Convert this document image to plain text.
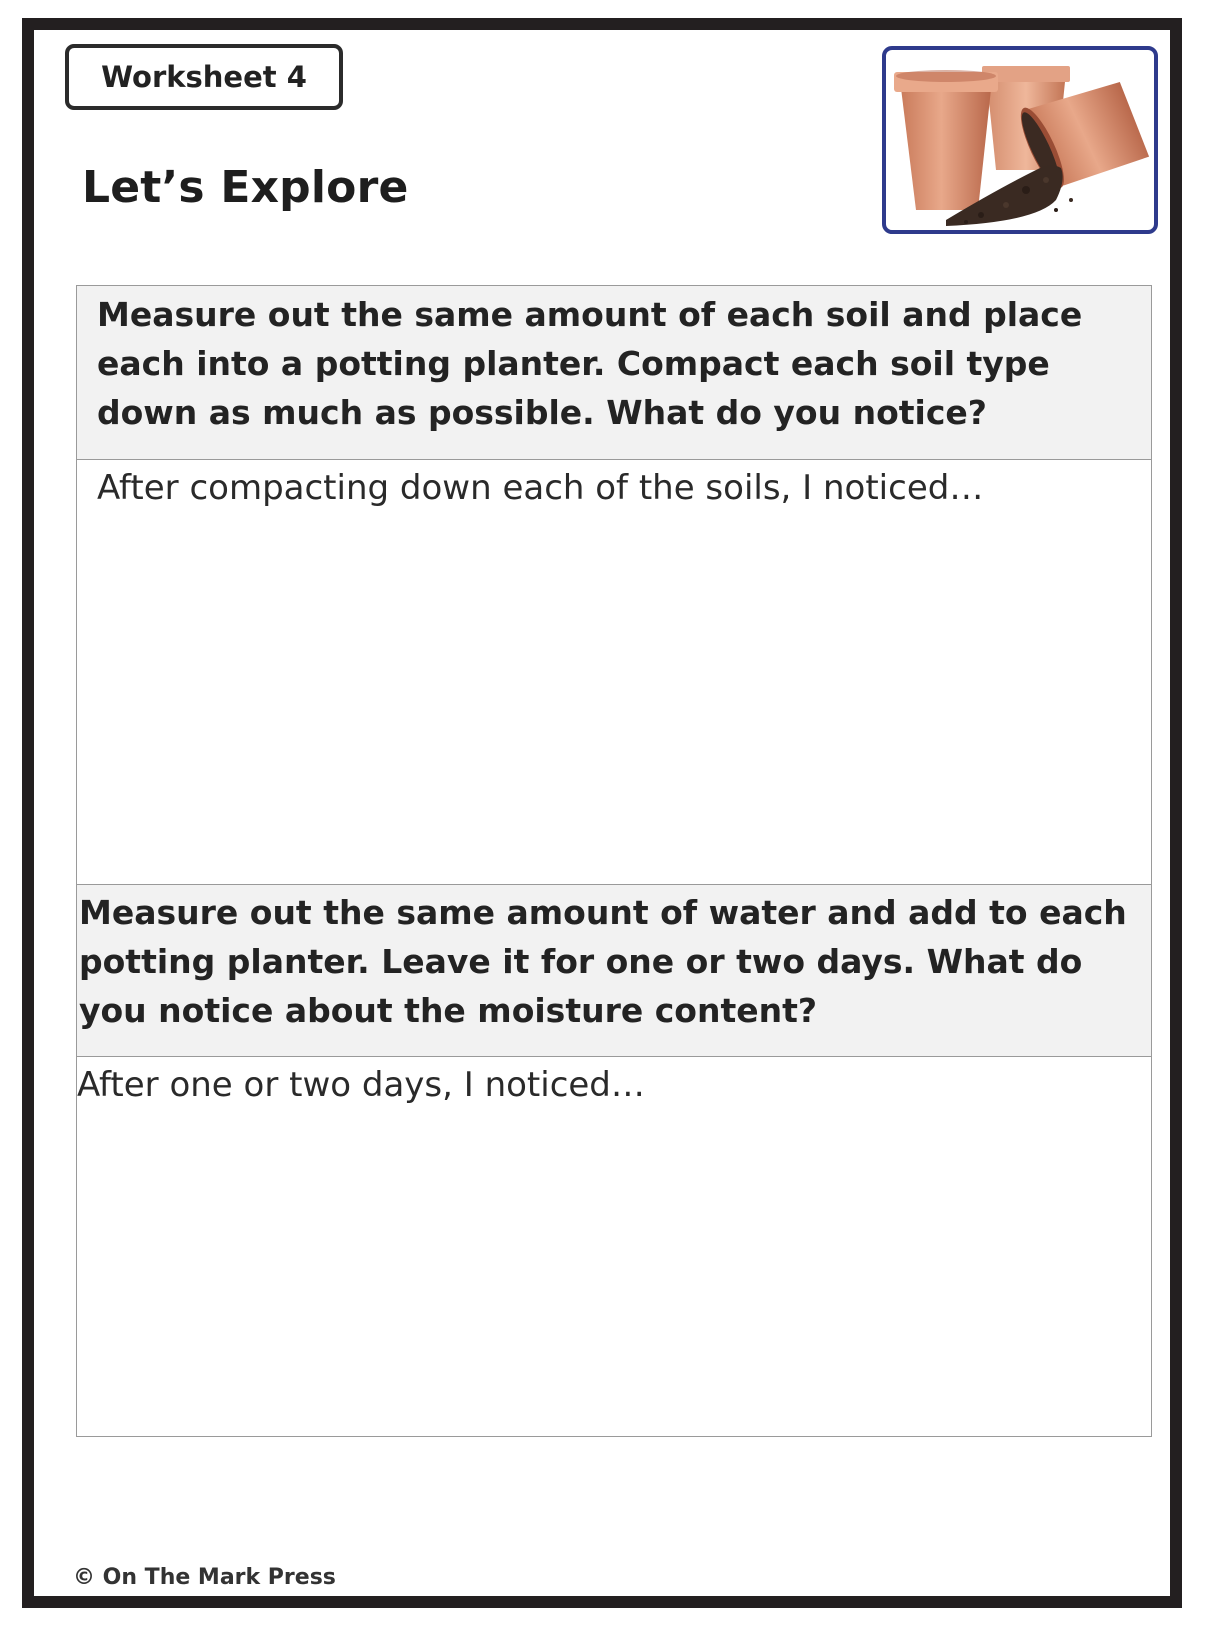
Worksheet 4
Let’s Explore
Measure out the same amount of each soil and place each into a potting planter. Compact each soil type down as much as possible. What do you notice?

After compacting down each of the soils, I noticed…

Measure out the same amount of water and add to each potting planter. Leave it for one or two days. What do you notice about the moisture content?

After one or two days, I noticed…
© On The Mark Press
